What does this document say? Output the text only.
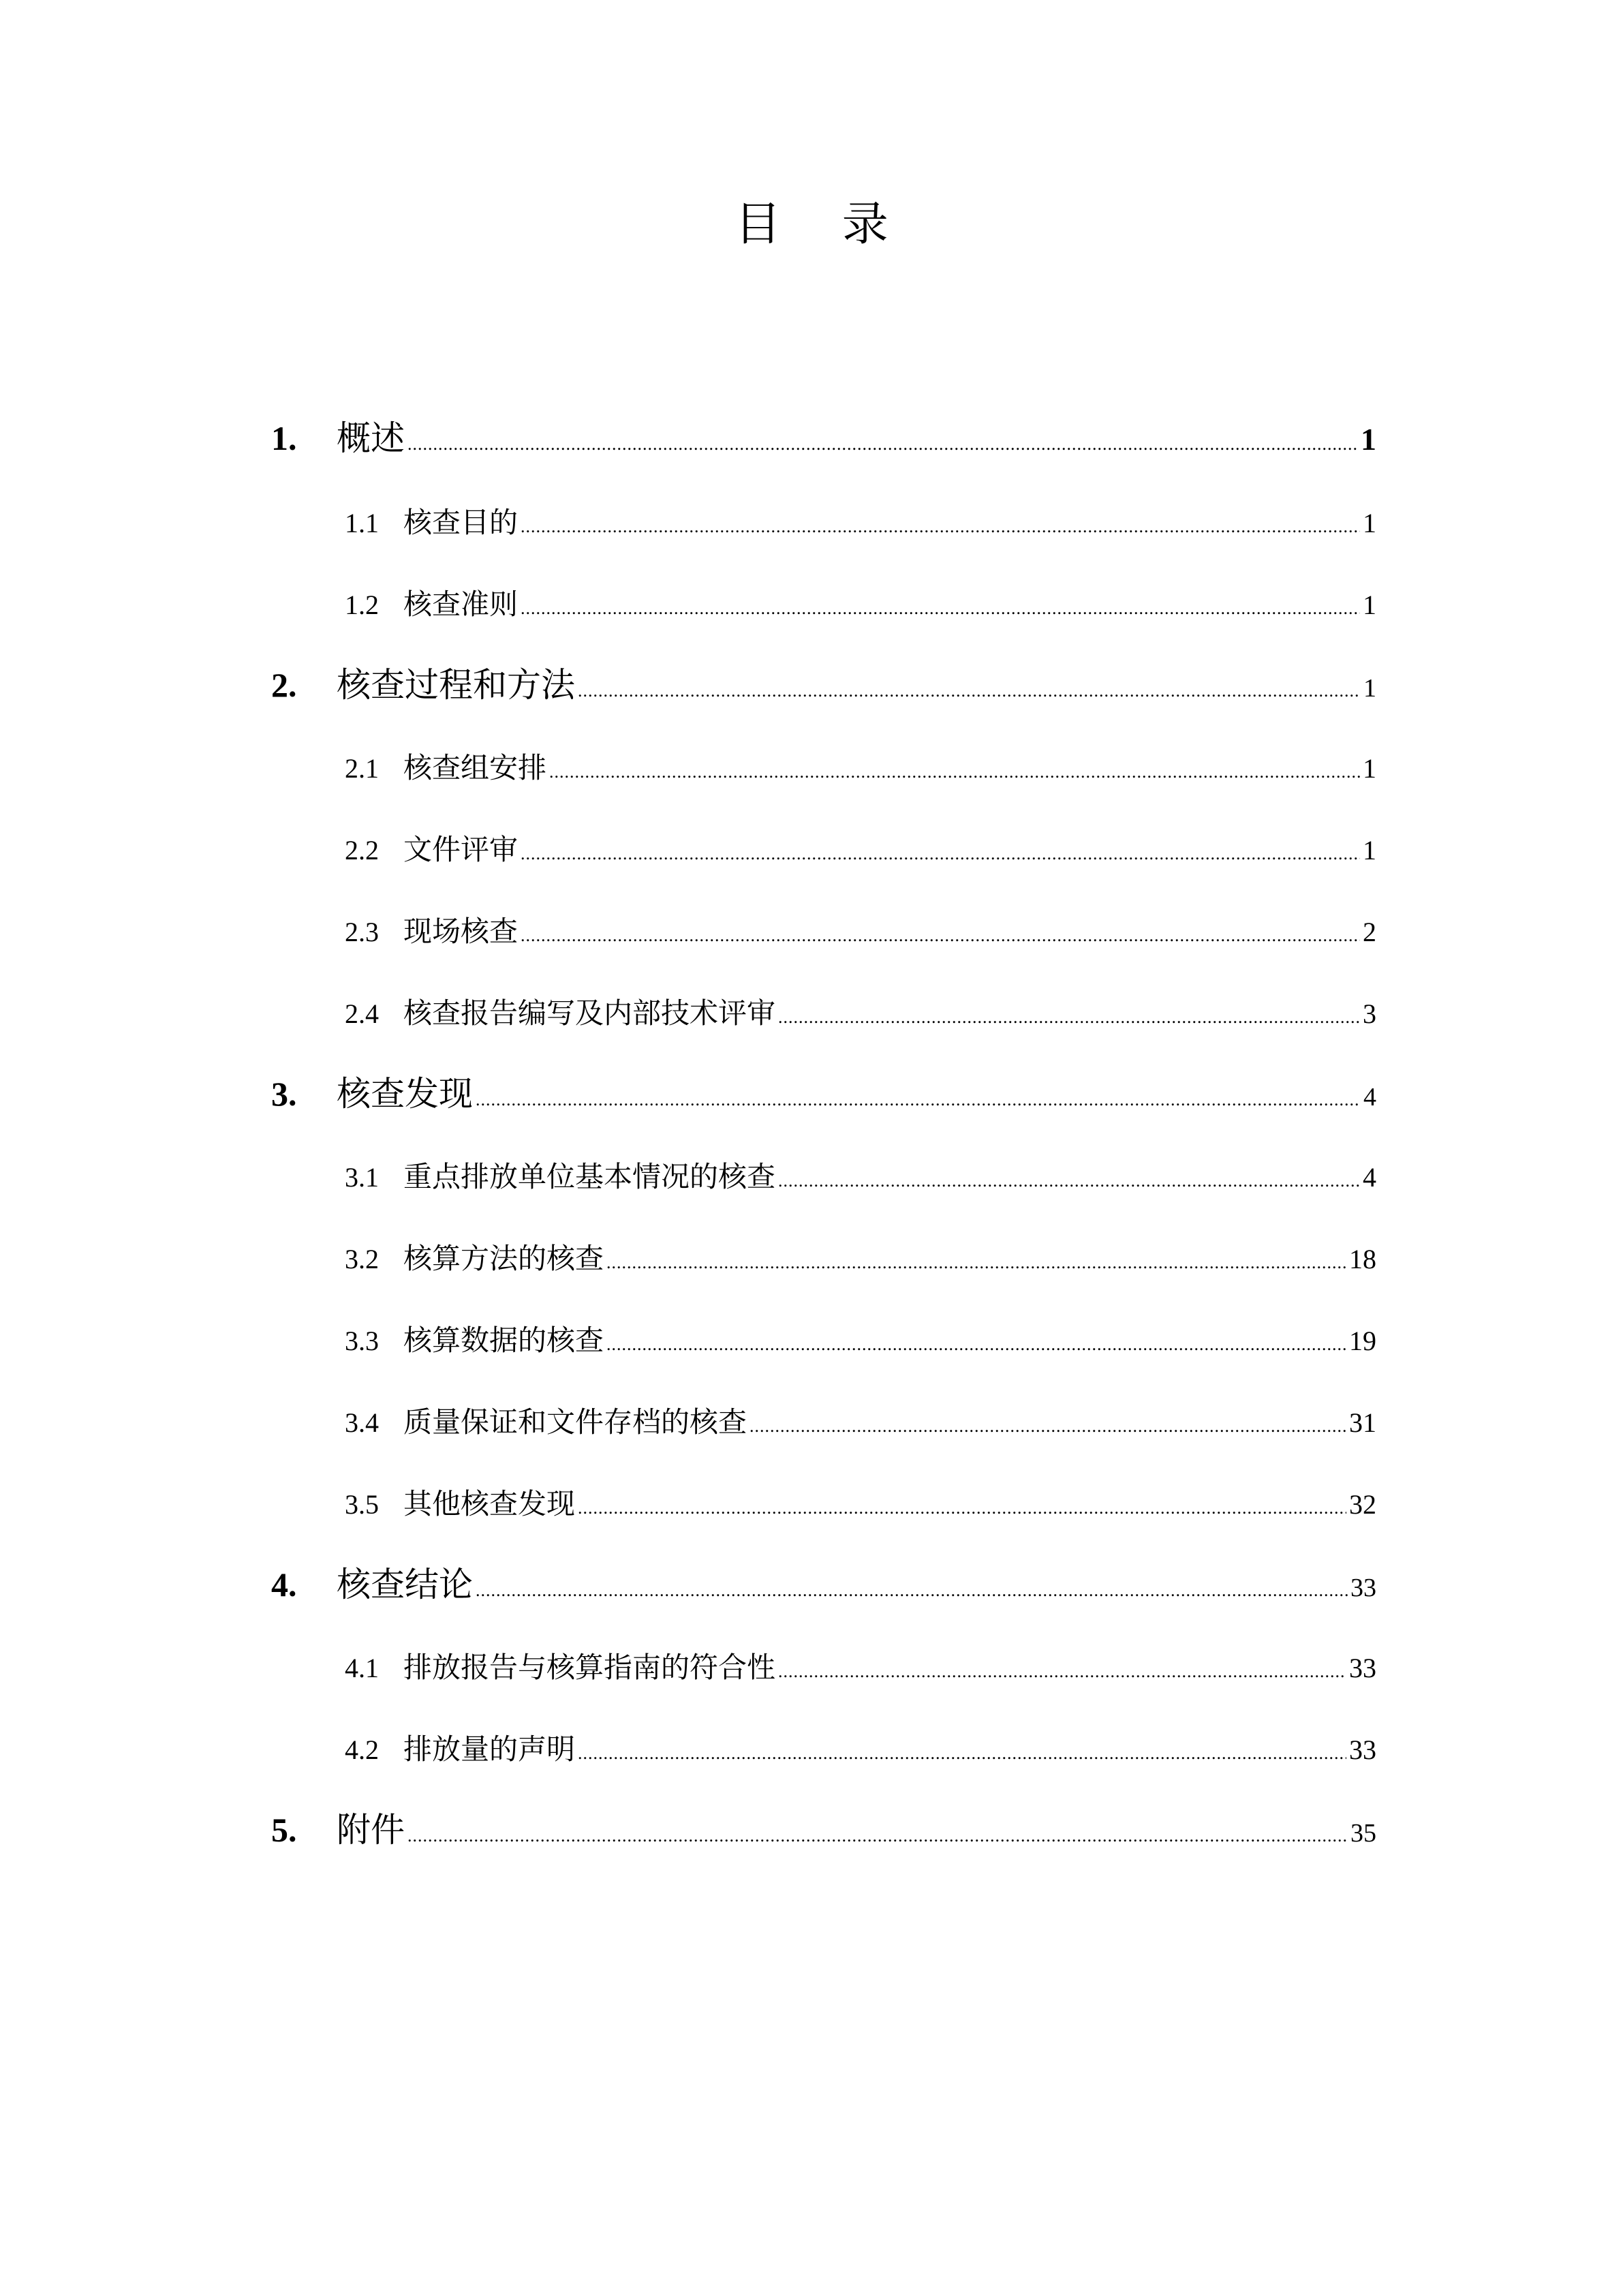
目 录
1.	概述 .....	1
1.1 核查目的 .....	1
1.2 核查准则 .....	1
2.	核查过程和方法 .....	1
2.1 核查组安排 .....	1
2.2 文件评审 .....	1
2.3 现场核查 .....	2
2.4 核查报告编写及内部技术评审 .....	3
3.	核查发现 .....	4
3.1 重点排放单位基本情况的核查 .....	4
3.2 核算方法的核查 .....	18
3.3 核算数据的核查 .....	19
3.4 质量保证和文件存档的核查 .....	31
3.5 其他核查发现 .....	32
4.	核查结论 .....	33
4.1 排放报告与核算指南的符合性 .....	33
4.2 排放量的声明 .....	33
5.	附件 .....	35
